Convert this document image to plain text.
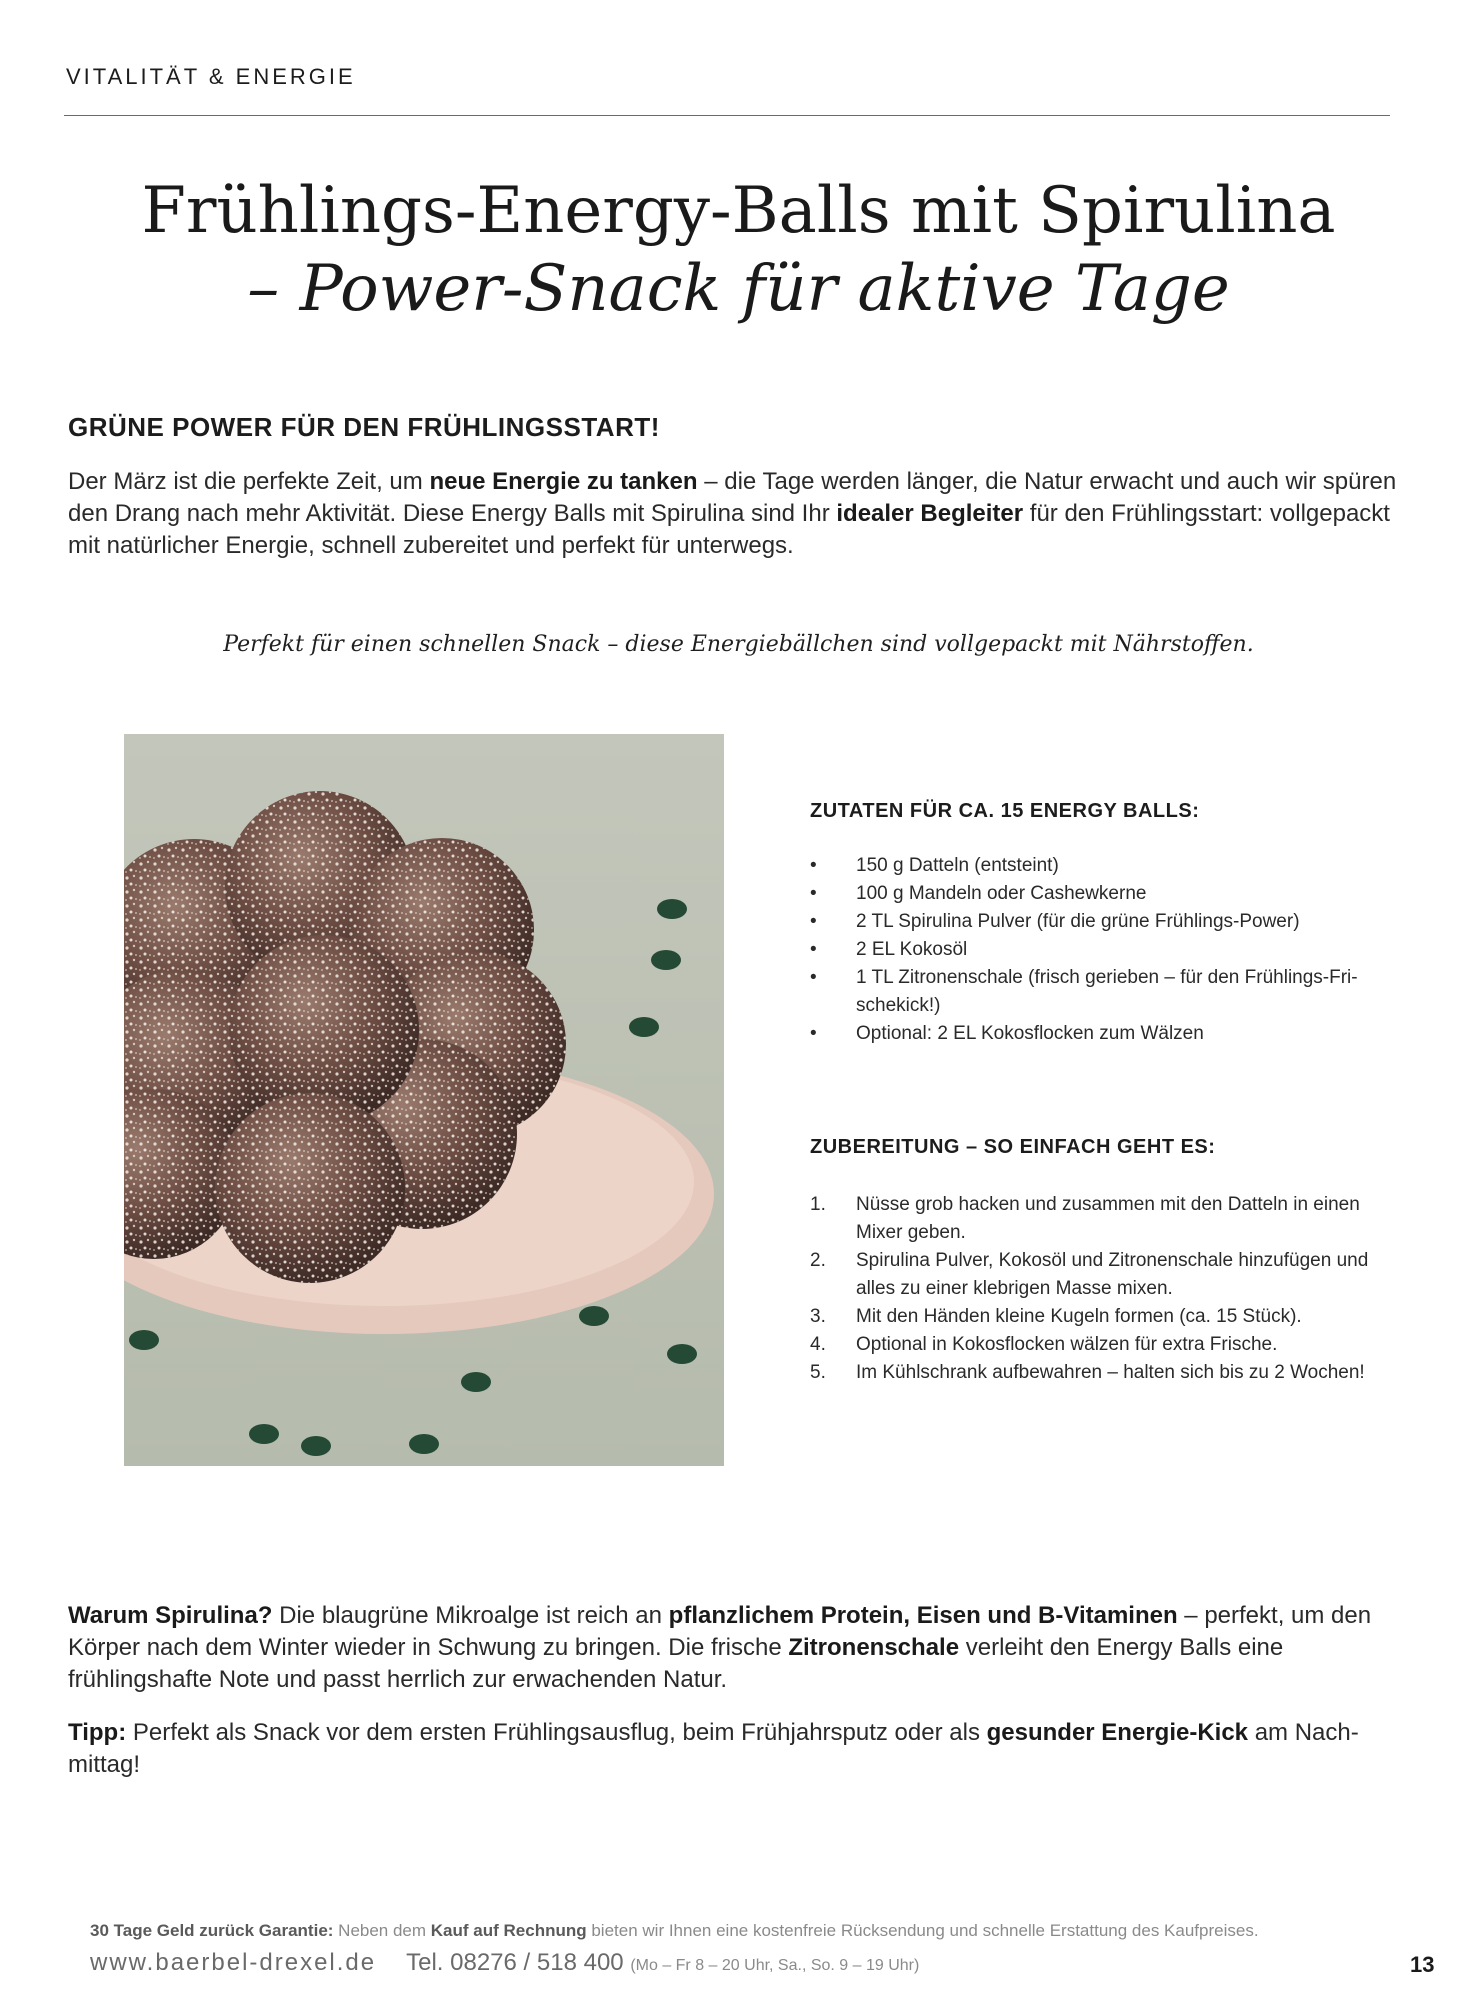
VITALITÄT & ENERGIE
Frühlings-Energy-Balls mit Spirulina
– Power-Snack für aktive Tage
GRÜNE POWER FÜR DEN FRÜHLINGSSTART!
Der März ist die perfekte Zeit, um neue Energie zu tanken – die Tage werden länger, die Natur erwacht und auch wir spüren den Drang nach mehr Aktivität. Diese Energy Balls mit Spirulina sind Ihr idealer Begleiter für den Frühlingsstart: vollgepackt mit natürlicher Energie, schnell zubereitet und perfekt für unterwegs.
Perfekt für einen schnellen Snack – diese Energiebällchen sind vollgepackt mit Nährstoffen.
ZUTATEN FÜR CA. 15 ENERGY BALLS:
•	150 g Datteln (entsteint)
•	100 g Mandeln oder Cashewkerne
•	2 TL Spirulina Pulver (für die grüne Frühlings-Power)
•	2 EL Kokosöl
•	1 TL Zitronenschale (frisch gerieben – für den Frühlings-Frischekick!)
•	Optional: 2 EL Kokosflocken zum Wälzen
ZUBEREITUNG – SO EINFACH GEHT ES:
1.	Nüsse grob hacken und zusammen mit den Datteln in einen Mixer geben.
2.	Spirulina Pulver, Kokosöl und Zitronenschale hinzufügen und alles zu einer klebrigen Masse mixen.
3.	Mit den Händen kleine Kugeln formen (ca. 15 Stück).
4.	Optional in Kokosflocken wälzen für extra Frische.
5.	Im Kühlschrank aufbewahren – halten sich bis zu 2 Wochen!
Warum Spirulina? Die blaugrüne Mikroalge ist reich an pflanzlichem Protein, Eisen und B-Vitaminen – perfekt, um den Körper nach dem Winter wieder in Schwung zu bringen. Die frische Zitronenschale verleiht den Energy Balls eine frühlingshafte Note und passt herrlich zur erwachenden Natur.
Tipp: Perfekt als Snack vor dem ersten Frühlingsausflug, beim Frühjahrsputz oder als gesunder Energie-Kick am Nachmittag!
30 Tage Geld zurück Garantie: Neben dem Kauf auf Rechnung bieten wir Ihnen eine kostenfreie Rücksendung und schnelle Erstattung des Kaufpreises.
www.baerbel-drexel.de Tel. 08276 / 518 400 (Mo – Fr 8 – 20 Uhr, Sa., So. 9 – 19 Uhr)	13
